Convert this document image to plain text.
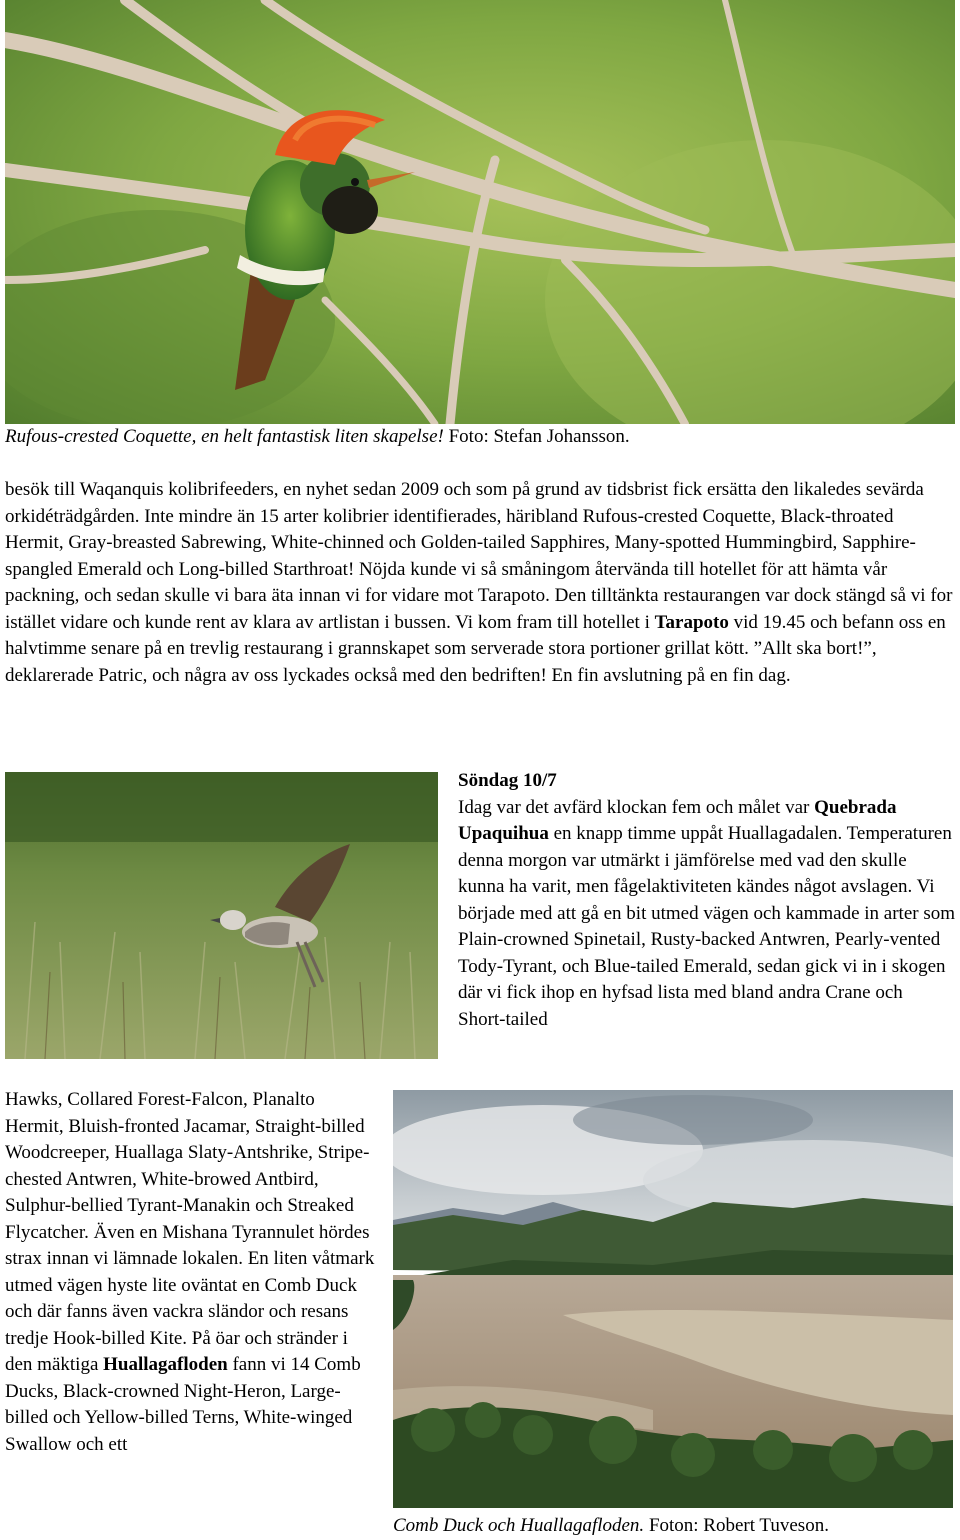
Rufous-crested Coquette, en helt fantastisk liten skapelse! Foto: Stefan Johansson.

besök till Waqanquis kolibrifeeders, en nyhet sedan 2009 och som på grund av tidsbrist fick ersätta den likaledes sevärda orkidéträdgården. Inte mindre än 15 arter kolibrier identifierades, häribland Rufous-crested Coquette, Black-throated Hermit, Gray-breasted Sabrewing, White-chinned och Golden-tailed Sapphires, Many-spotted Hummingbird, Sapphire-spangled Emerald och Long-billed Starthroat! Nöjda kunde vi så småningom återvända till hotellet för att hämta vår packning, och sedan skulle vi bara äta innan vi for vidare mot Tarapoto. Den tilltänkta restaurangen var dock stängd så vi for istället vidare och kunde rent av klara av artlistan i bussen. Vi kom fram till hotellet i Tarapoto vid 19.45 och befann oss en halvtimme senare på en trevlig restaurang i grannskapet som serverade stora portioner grillat kött. ”Allt ska bort!”, deklarerade Patric, och några av oss lyckades också med den bedriften! En fin avslutning på en fin dag.

Söndag 10/7

Idag var det avfärd klockan fem och målet var Quebrada Upaquihua en knapp timme uppåt Huallagadalen. Temperaturen denna morgon var utmärkt i jämförelse med vad den skulle kunna ha varit, men fågelaktiviteten kändes något avslagen. Vi började med att gå en bit utmed vägen och kammade in arter som Plain-crowned Spinetail, Rusty-backed Antwren, Pearly-vented Tody-Tyrant, och Blue-tailed Emerald, sedan gick vi in i skogen där vi fick ihop en hyfsad lista med bland andra Crane och Short-tailed

Hawks, Collared Forest-Falcon, Planalto Hermit, Bluish-fronted Jacamar, Straight-billed Woodcreeper, Huallaga Slaty-Antshrike, Stripe-chested Antwren, White-browed Antbird, Sulphur-bellied Tyrant-Manakin och Streaked Flycatcher. Även en Mishana Tyrannulet hördes strax innan vi lämnade lokalen. En liten våtmark utmed vägen hyste lite oväntat en Comb Duck och där fanns även vackra sländor och resans tredje Hook-billed Kite. På öar och stränder i den mäktiga Huallagafloden fann vi 14 Comb Ducks, Black-crowned Night-Heron, Large-billed och Yellow-billed Terns, White-winged Swallow och ett

Comb Duck och Huallagafloden. Foton: Robert Tuveson.
